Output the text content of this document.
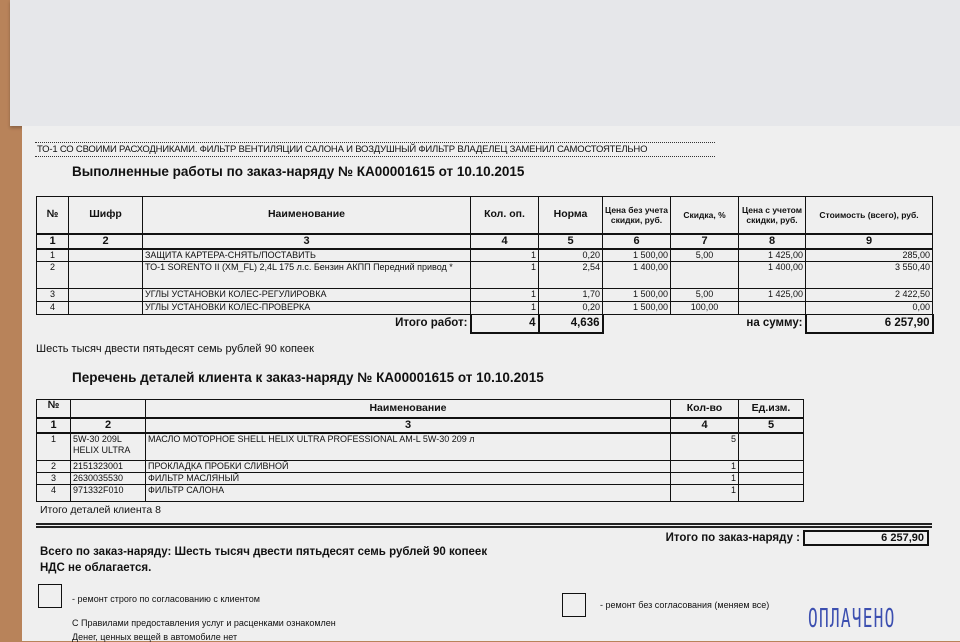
ТО-1 СО СВОИМИ РАСХОДНИКАМИ. ФИЛЬТР ВЕНТИЛЯЦИИ САЛОНА И ВОЗДУШНЫЙ ФИЛЬТР ВЛАДЕЛЕЦ ЗАМЕНИЛ САМОСТОЯТЕЛЬНО
Выполненные работы по заказ-наряду № КА00001615 от 10.10.2015
№	Шифр	Наименование	Кол. оп.	Норма	Цена без учета скидки, руб.	Скидка, %	Цена с учетом скидки, руб.	Стоимость (всего), руб.
1	2	3	4	5	6	7	8	9
1		ЗАЩИТА КАРТЕРА-СНЯТЬ/ПОСТАВИТЬ	1	0,20	1 500,00	5,00	1 425,00	285,00
2		ТО-1 SORENTO II (XM_FL) 2,4L 175 л.с. Бензин АКПП Передний привод *	1	2,54	1 400,00		1 400,00	3 550,40
3		УГЛЫ УСТАНОВКИ КОЛЕС-РЕГУЛИРОВКА	1	1,70	1 500,00	5,00	1 425,00	2 422,50
4		УГЛЫ УСТАНОВКИ КОЛЕС-ПРОВЕРКА	1	0,20	1 500,00	100,00		0,00
Итого работ:			4	4,636	на сумму:			6 257,90
Шесть тысяч двести пятьдесят семь рублей 90 копеек
Перечень деталей клиента к заказ-наряду № КА00001615 от 10.10.2015
№		Наименование	Кол-во	Ед.изм.
1	2	3	4	5
1	5W-30 209L HELIX ULTRA	МАСЛО МОТОРНОЕ SHELL HELIX ULTRA PROFESSIONAL AM-L 5W-30 209 л	5	
2	2151323001	ПРОКЛАДКА ПРОБКИ СЛИВНОЙ	1	
3	2630035530	ФИЛЬТР МАСЛЯНЫЙ	1	
4	971332F010	ФИЛЬТР САЛОНА	1	
Итого деталей клиента 8
Итого по заказ-наряду :	6 257,90
Всего по заказ-наряду: Шесть тысяч двести пятьдесят семь рублей 90 копеек
НДС не облагается.
- ремонт строго по согласованию с клиентом
- ремонт без согласования (меняем все)
С Правилами предоставления услуг и расценками ознакомлен
Денег, ценных вещей в автомобиле нет
ОПЛАЧЕНО
